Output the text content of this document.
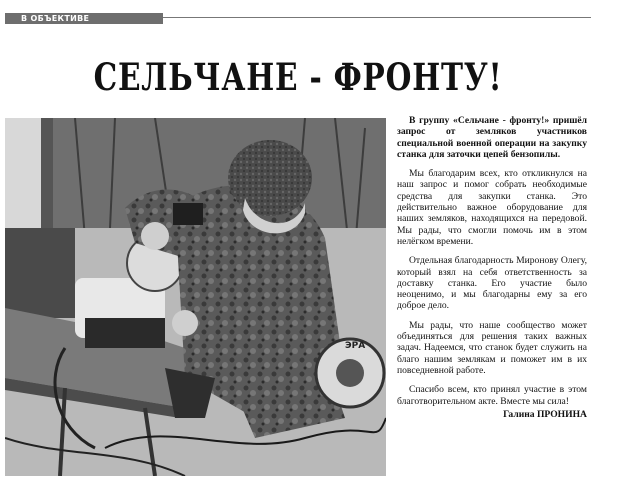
В ОБЪЕКТИВЕ
СЕЛЬЧАНЕ - ФРОНТУ!
ЭРА

В группу «Сельчане - фронту!» пришёл запрос от земляков участников специальной военной операции на закупку станка для заточки цепей бензопилы.

Мы благодарим всех, кто откликнулся на наш запрос и помог собрать необходимые средства для закупки станка. Это действительно важное оборудование для наших земляков, находящихся на передовой. Мы рады, что смогли помочь им в этом нелёгком времени.

Отдельная благодарность Миронову Олегу, который взял на себя ответственность за доставку станка. Его участие было неоценимо, и мы благодарны ему за его доброе дело.

Мы рады, что наше сообщество может объединяться для решения таких важных задач. Надеемся, что станок будет служить на благо нашим землякам и поможет им в их повседневной работе.

Спасибо всем, кто принял участие в этом благотворительном акте. Вместе мы сила!

Галина ПРОНИНА
